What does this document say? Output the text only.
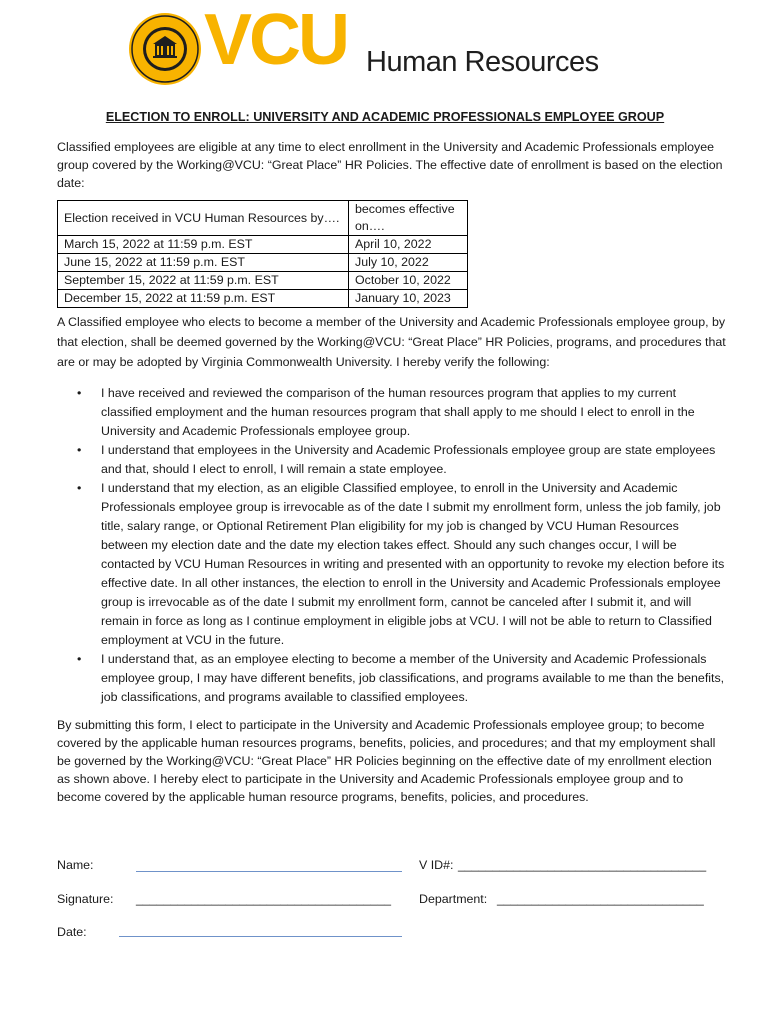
VCU Human Resources
ELECTION TO ENROLL: UNIVERSITY AND ACADEMIC PROFESSIONALS EMPLOYEE GROUP

Classified employees are eligible at any time to elect enrollment in the University and Academic Professionals employee group covered by the Working@VCU: “Great Place” HR Policies. The effective date of enrollment is based on the election date:

Election received in VCU Human Resources by….	becomes effective on….
March 15, 2022 at 11:59 p.m. EST	April 10, 2022
June 15, 2022 at 11:59 p.m. EST	July 10, 2022
September 15, 2022 at 11:59 p.m. EST	October 10, 2022
December 15, 2022 at 11:59 p.m. EST	January 10, 2023

A Classified employee who elects to become a member of the University and Academic Professionals employee group, by that election, shall be deemed governed by the Working@VCU: “Great Place” HR Policies, programs, and procedures that are or may be adopted by Virginia Commonwealth University. I hereby verify the following:

• I have received and reviewed the comparison of the human resources program that applies to my current classified employment and the human resources program that shall apply to me should I elect to enroll in the University and Academic Professionals employee group.
• I understand that employees in the University and Academic Professionals employee group are state employees and that, should I elect to enroll, I will remain a state employee.
• I understand that my election, as an eligible Classified employee, to enroll in the University and Academic Professionals employee group is irrevocable as of the date I submit my enrollment form, unless the job family, job title, salary range, or Optional Retirement Plan eligibility for my job is changed by VCU Human Resources between my election date and the date my election takes effect. Should any such changes occur, I will be contacted by VCU Human Resources in writing and presented with an opportunity to revoke my election before its effective date. In all other instances, the election to enroll in the University and Academic Professionals employee group is irrevocable as of the date I submit my enrollment form, cannot be canceled after I submit it, and will remain in force as long as I continue employment in eligible jobs at VCU. I will not be able to return to Classified employment at VCU in the future.
• I understand that, as an employee electing to become a member of the University and Academic Professionals employee group, I may have different benefits, job classifications, and programs available to me than the benefits, job classifications, and programs available to classified employees.

By submitting this form, I elect to participate in the University and Academic Professionals employee group; to become covered by the applicable human resources programs, benefits, policies, and procedures; and that my employment shall be governed by the Working@VCU: “Great Place” HR Policies beginning on the effective date of my enrollment election as shown above. I hereby elect to participate in the University and Academic Professionals employee group and to become covered by the applicable human resource programs, benefits, policies, and procedures.

Name:	V ID#: ____________________________________
Signature: _____________________________________ Department: ______________________________
Date:
